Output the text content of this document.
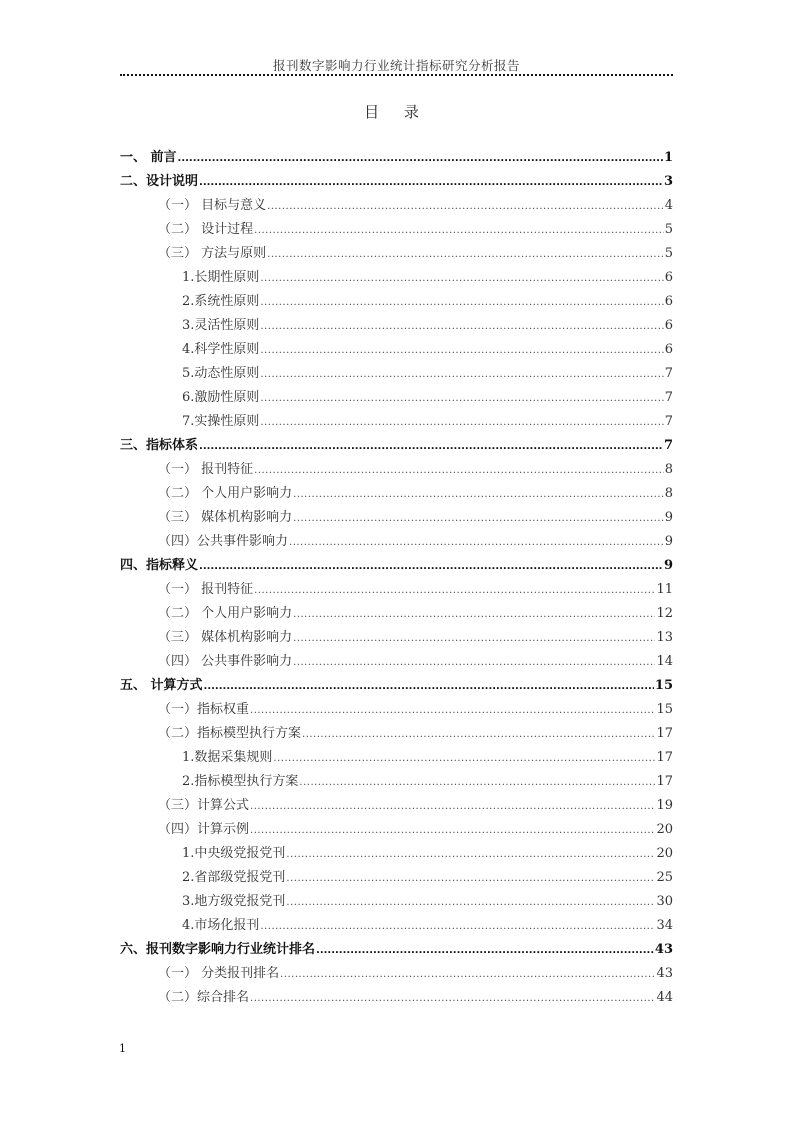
报刊数字影响力行业统计指标研究分析报告
目 录
一、 前言 .....	1
二、设计说明 .....	3
（一） 目标与意义 .....	4
（二） 设计过程 .....	5
（三） 方法与原则 .....	5
1.长期性原则 .....	6
2.系统性原则 .....	6
3.灵活性原则 .....	6
4.科学性原则 .....	6
5.动态性原则 .....	7
6.激励性原则 .....	7
7.实操性原则 .....	7
三、指标体系 .....	7
（一） 报刊特征 .....	8
（二） 个人用户影响力 .....	8
（三） 媒体机构影响力 .....	9
（四）公共事件影响力 .....	9
四、指标释义 .....	9
（一） 报刊特征 .....	11
（二） 个人用户影响力 .....	12
（三） 媒体机构影响力 .....	13
（四） 公共事件影响力 .....	14
五、 计算方式 .....	15
（一）指标权重 .....	15
（二）指标模型执行方案 .....	17
1.数据采集规则 .....	17
2.指标模型执行方案 .....	17
（三）计算公式 .....	19
（四）计算示例 .....	20
1.中央级党报党刊 .....	20
2.省部级党报党刊 .....	25
3.地方级党报党刊 .....	30
4.市场化报刊 .....	34
六、报刊数字影响力行业统计排名 .....	43
（一） 分类报刊排名 .....	43
（二）综合排名 .....	44
1
